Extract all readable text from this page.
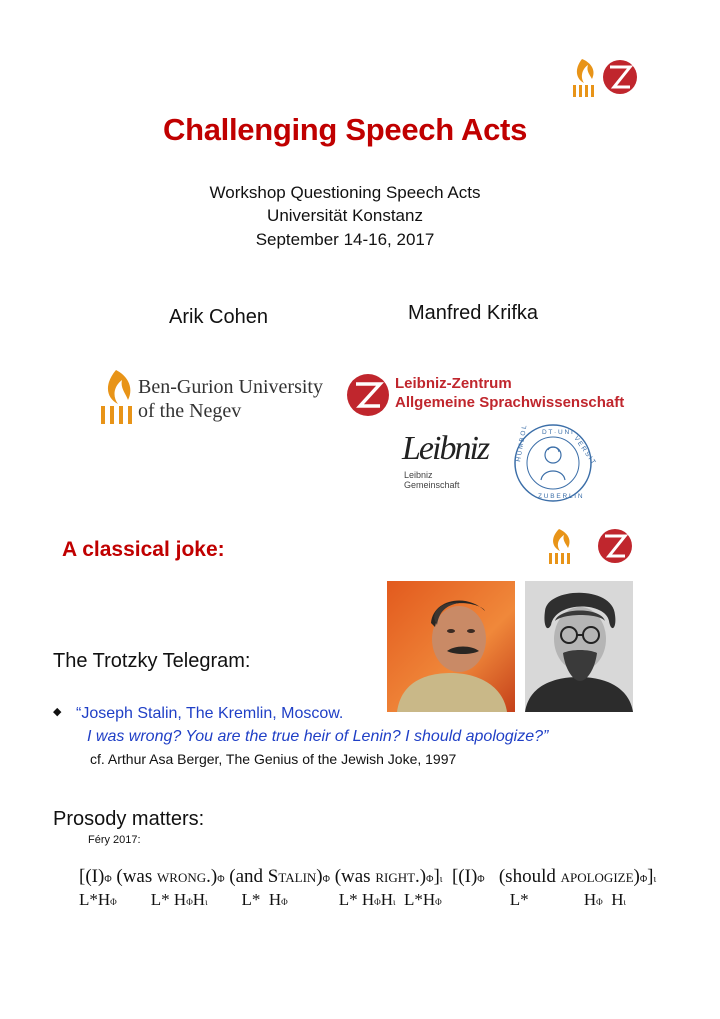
Challenging Speech Acts
Workshop Questioning Speech Acts
Universität Konstanz
September 14-16, 2017
Arik Cohen	Manfred Krifka
Ben-Gurion University
of the Negev
Leibniz-Zentrum
Allgemeine Sprachwissenschaft
Leibniz
Leibniz
Gemeinschaft
D T · U N I
H U M B O L	V E R S I T
Z U B E R L I N
A classical joke:
The Trotzky Telegram:
◆ “Joseph Stalin, The Kremlin, Moscow.
I was wrong? You are the true heir of Lenin? I should apologize?”
cf. Arthur Asa Berger, The Genius of the Jewish Joke, 1997
Prosody matters:
Féry 2017:
[(I) Φ (was WRONG .) Φ (and S TALIN ) Φ (was RIGHT .) Φ ] ι [(I) Φ (should APOLOGIZE ) Φ ] ι
L*H Φ L* H Φ H ι L*  H Φ L* H Φ H ι L*H Φ L*             H Φ H ι
